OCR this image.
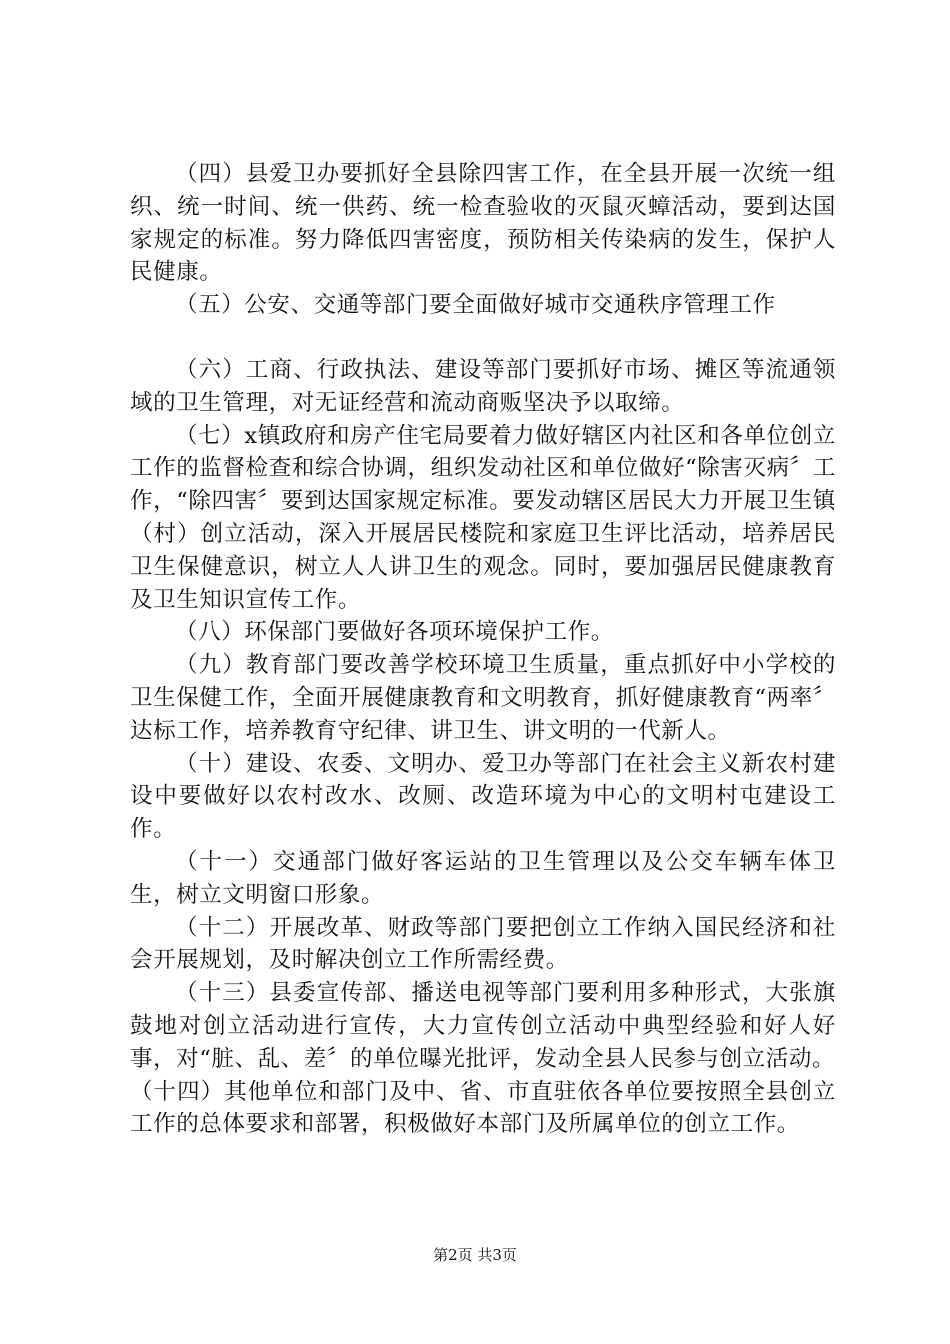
（四）县爱卫办要抓好全县除四害工作，在全县开展一次统一组织、统一时间、统一供药、统一检查验收的灭鼠灭蟑活动，要到达国家规定的标准。努力降低四害密度，预防相关传染病的发生，保护人民健康。

（五）公安、交通等部门要全面做好城市交通秩序管理工作

（六）工商、行政执法、建设等部门要抓好市场、摊区等流通领域的卫生管理，对无证经营和流动商贩坚决予以取缔。

（七）x镇政府和房产住宅局要着力做好辖区内社区和各单位创立工作的监督检查和综合协调，组织发动社区和单位做好“除害灭病〞工作，“除四害〞要到达国家规定标准。要发动辖区居民大力开展卫生镇（村）创立活动，深入开展居民楼院和家庭卫生评比活动，培养居民卫生保健意识，树立人人讲卫生的观念。同时，要加强居民健康教育及卫生知识宣传工作。

（八）环保部门要做好各项环境保护工作。

（九）教育部门要改善学校环境卫生质量，重点抓好中小学校的卫生保健工作，全面开展健康教育和文明教育，抓好健康教育“两率〞达标工作，培养教育守纪律、讲卫生、讲文明的一代新人。

（十）建设、农委、文明办、爱卫办等部门在社会主义新农村建设中要做好以农村改水、改厕、改造环境为中心的文明村屯建设工作。

（十一）交通部门做好客运站的卫生管理以及公交车辆车体卫生，树立文明窗口形象。

（十二）开展改革、财政等部门要把创立工作纳入国民经济和社会开展规划，及时解决创立工作所需经费。

（十三）县委宣传部、播送电视等部门要利用多种形式，大张旗鼓地对创立活动进行宣传，大力宣传创立活动中典型经验和好人好事，对“脏、乱、差〞的单位曝光批评，发动全县人民参与创立活动。

（十四）其他单位和部门及中、省、市直驻依各单位要按照全县创立工作的总体要求和部署，积极做好本部门及所属单位的创立工作。

第2页 共3页
